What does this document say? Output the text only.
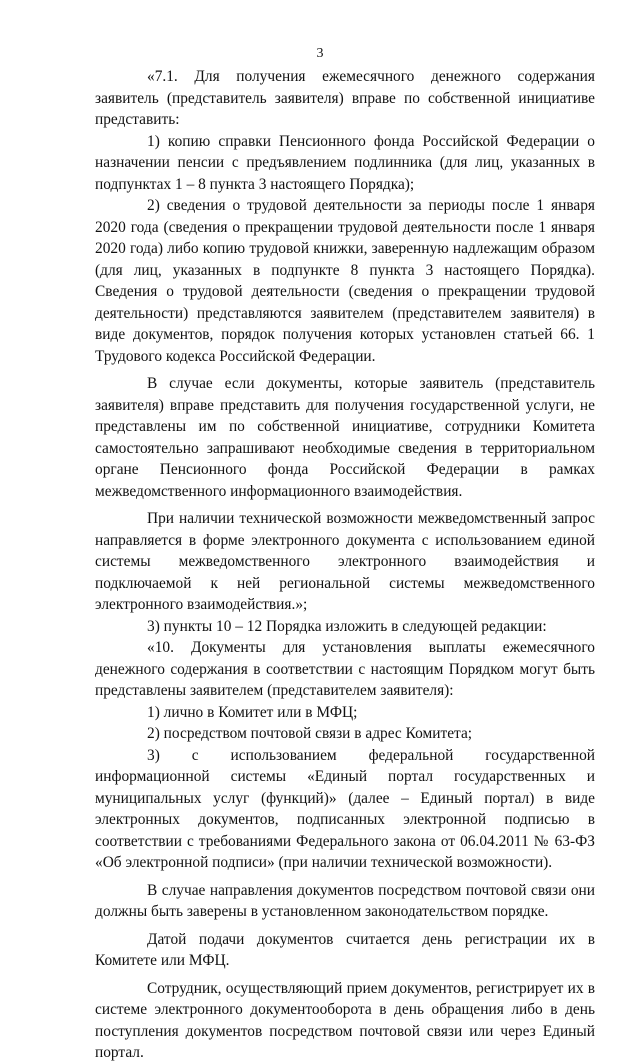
3

«7.1. Для получения ежемесячного денежного содержания заявитель (представитель заявителя) вправе по собственной инициативе представить:

1) копию справки Пенсионного фонда Российской Федерации о назначении пенсии с предъявлением подлинника (для лиц, указанных в подпунктах 1 – 8 пункта 3 настоящего Порядка);

2) сведения о трудовой деятельности за периоды после 1 января 2020 года (сведения о прекращении трудовой деятельности после 1 января 2020 года) либо копию трудовой книжки, заверенную надлежащим образом (для лиц, указанных в подпункте 8 пункта 3 настоящего Порядка). Сведения о трудовой деятельности (сведения о прекращении трудовой деятельности) представляются заявителем (представителем заявителя) в виде документов, порядок получения которых установлен статьей 66. 1 Трудового кодекса Российской Федерации.

В случае если документы, которые заявитель (представитель заявителя) вправе представить для получения государственной услуги, не представлены им по собственной инициативе, сотрудники Комитета самостоятельно запрашивают необходимые сведения в территориальном органе Пенсионного фонда Российской Федерации в рамках межведомственного информационного взаимодействия.

При наличии технической возможности межведомственный запрос направляется в форме электронного документа с использованием единой системы межведомственного электронного взаимодействия и подключаемой к ней региональной системы межведомственного электронного взаимодействия.»;

3) пункты 10 – 12 Порядка изложить в следующей редакции:

«10. Документы для установления выплаты ежемесячного денежного содержания в соответствии с настоящим Порядком могут быть представлены заявителем (представителем заявителя):

1) лично в Комитет или в МФЦ;

2) посредством почтовой связи в адрес Комитета;

3) с использованием федеральной государственной информационной системы «Единый портал государственных и муниципальных услуг (функций)» (далее – Единый портал) в виде электронных документов, подписанных электронной подписью в соответствии с требованиями Федерального закона от 06.04.2011 № 63-ФЗ «Об электронной подписи» (при наличии технической возможности).

В случае направления документов посредством почтовой связи они должны быть заверены в установленном законодательством порядке.

Датой подачи документов считается день регистрации их в Комитете или МФЦ.

Сотрудник, осуществляющий прием документов, регистрирует их в системе электронного документооборота в день обращения либо в день поступления документов посредством почтовой связи или через Единый портал.
